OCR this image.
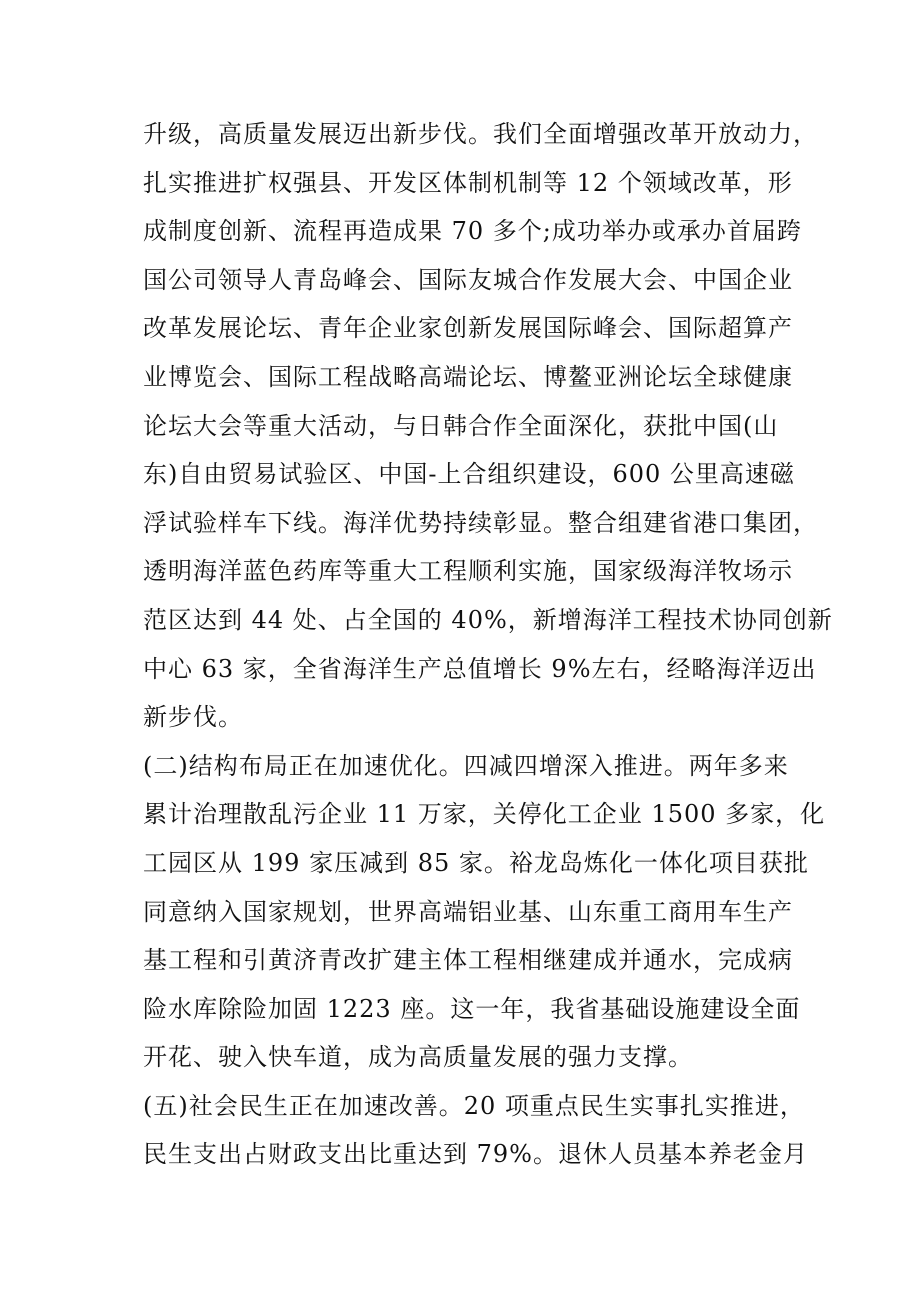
升级，高质量发展迈出新步伐。我们全面增强改革开放动力，
扎实推进扩权强县、开发区体制机制等 12 个领域改革，形
成制度创新、流程再造成果 70 多个;成功举办或承办首届跨
国公司领导人青岛峰会、国际友城合作发展大会、中国企业
改革发展论坛、青年企业家创新发展国际峰会、国际超算产
业博览会、国际工程战略高端论坛、博鳌亚洲论坛全球健康
论坛大会等重大活动，与日韩合作全面深化，获批中国(山
东)自由贸易试验区、中国-上合组织建设，600 公里高速磁
浮试验样车下线。海洋优势持续彰显。整合组建省港口集团，
透明海洋蓝色药库等重大工程顺利实施，国家级海洋牧场示
范区达到 44 处、占全国的 40%，新增海洋工程技术协同创新
中心 63 家，全省海洋生产总值增长 9%左右，经略海洋迈出
新步伐。
(二)结构布局正在加速优化。四减四增深入推进。两年多来
累计治理散乱污企业 11 万家，关停化工企业 1500 多家，化
工园区从 199 家压减到 85 家。裕龙岛炼化一体化项目获批
同意纳入国家规划，世界高端铝业基、山东重工商用车生产
基工程和引黄济青改扩建主体工程相继建成并通水，完成病
险水库除险加固 1223 座。这一年，我省基础设施建设全面
开花、驶入快车道，成为高质量发展的强力支撑。
(五)社会民生正在加速改善。20 项重点民生实事扎实推进，
民生支出占财政支出比重达到 79%。退休人员基本养老金月
